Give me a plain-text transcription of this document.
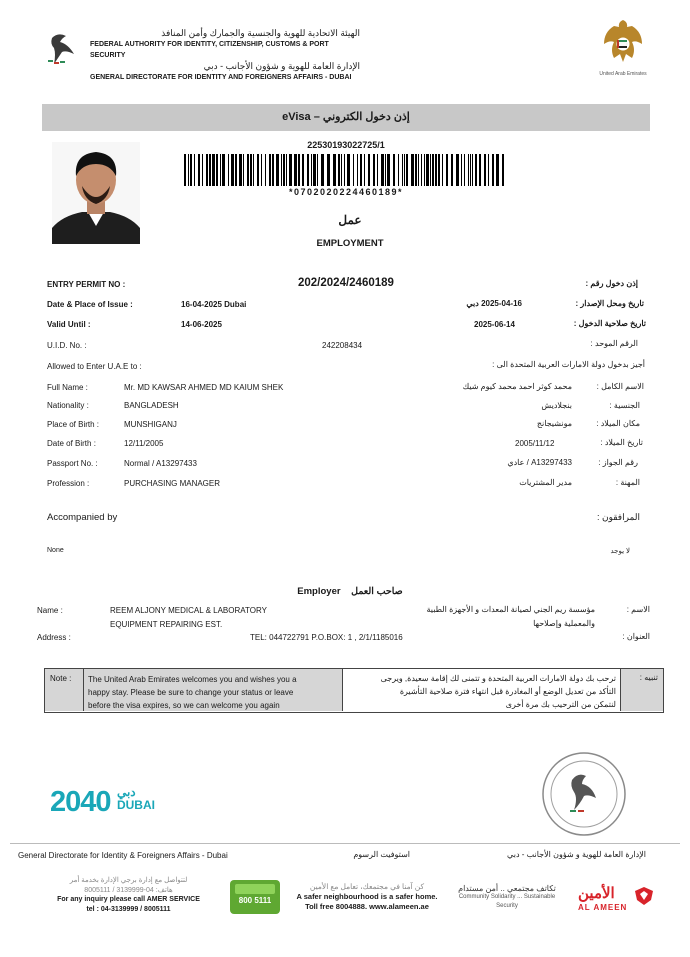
الهيئة الاتحادية للهوية والجنسية والجمارك وأمن المنافذ
FEDERAL AUTHORITY FOR IDENTITY, CITIZENSHIP, CUSTOMS & PORT SECURITY
الإدارة العامة للهوية و شؤون الأجانب - دبي
GENERAL DIRECTORATE FOR IDENTITY AND FOREIGNERS AFFAIRS - DUBAI	United Arab Emirates
eVisa – إذن دخول الكتروني
22530193022725/1
*070202022446018​9*
عمل
EMPLOYMENT
ENTRY PERMIT NO :	202/2024/2460189	إذن دخول رقم :
Date & Place of Issue :	16-04-2025 Dubai	2025-04-16 دبي	تاريخ ومحل الإصدار :
Valid Until :	14-06-2025	2025-06-14	تاريخ صلاحية الدخول :
U.I.D. No. :	242208434	الرقم الموحد :
Allowed to Enter U.A.E to :	أجيز بدخول دولة الامارات العربية المتحدة الى :
Full Name :	Mr. MD KAWSAR AHMED MD KAIUM SHEK	محمد كوثر احمد محمد كيوم شيك	الاسم الكامل :
Nationality :	BANGLADESH	بنجلاديش	الجنسية :
Place of Birth :	MUNSHIGANJ	مونشيجانج	مكان الميلاد :
Date of Birth :	12/11/2005	2005/11/12	تاريخ الميلاد :
Passport No. :	Normal / A13297433	A13297433 / عادي	رقم الجواز :
Profession :	PURCHASING MANAGER	مدير المشتريات	المهنة :
Accompanied by	المرافقون :
None	لا يوجد
Employer صاحب العمل
Name :	REEM ALJONY MEDICAL & LABORATORY
EQUIPMENT REPAIRING EST.
مؤسسة ريم الجني لصيانة المعدات و الأجهزة الطبية
والمعملية وإصلاحها
الاسم :
Address :	TEL: 044722791 P.O.BOX: 1 , 2/1/1185016	العنوان :
Note : The United Arab Emirates welcomes you and wishes you a
happy stay. Please be sure to change your status or leave
before the visa expires, so we can welcome you again
ترحب بك دولة الامارات العربية المتحدة و تتمنى لك إقامة سعيدة, ويرجى
التأكد من تعديل الوضع أو المغادرة قبل انتهاء فترة صلاحية التأشيرة
لنتمكن من الترحيب بك مرة أخرى
تنبيه :
2040 دبي
DUBAI
General Directorate for Identity & Foreigners Affairs - Dubai	استوفيت الرسوم	الإدارة العامة للهوية و شؤون الأجانب - دبي
لتتواصل مع إدارة برجي الإدارة بخدمة أمر
هاتف: 04-3139999 / 8005111
For any inquiry please call AMER SERVICE
tel : 04-3139999 / 8005111
800 5111
كن آمنا في مجتمعك، تعامل مع الأمين
A safer neighbourhood is a safer home.
Toll free 8004888. www.alameen.ae
تكاتف مجتمعي .. أمن مستدام
Community Solidarity ... Sustainable Security
الأمين
AL AMEEN
